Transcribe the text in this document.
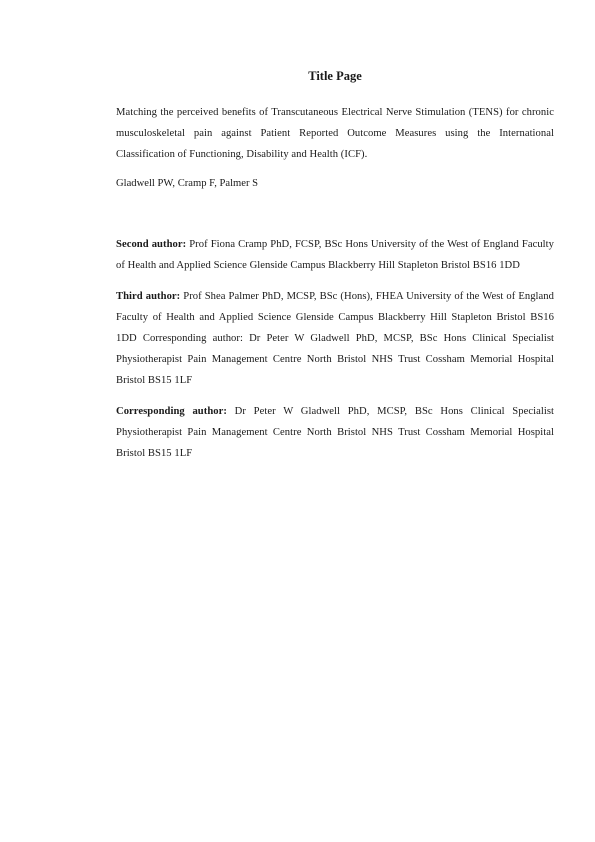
Title Page

Matching the perceived benefits of Transcutaneous Electrical Nerve Stimulation (TENS) for chronic musculoskeletal pain against Patient Reported Outcome Measures using the International Classification of Functioning, Disability and Health (ICF).

Gladwell PW, Cramp F, Palmer S

Second author: Prof Fiona Cramp PhD, FCSP, BSc Hons University of the West of England Faculty of Health and Applied Science Glenside Campus Blackberry Hill Stapleton Bristol BS16 1DD

Third author: Prof Shea Palmer PhD, MCSP, BSc (Hons), FHEA University of the West of England Faculty of Health and Applied Science Glenside Campus Blackberry Hill Stapleton Bristol BS16 1DD Corresponding author: Dr Peter W Gladwell PhD, MCSP, BSc Hons Clinical Specialist Physiotherapist Pain Management Centre North Bristol NHS Trust Cossham Memorial Hospital Bristol BS15 1LF

Corresponding author: Dr Peter W Gladwell PhD, MCSP, BSc Hons Clinical Specialist Physiotherapist Pain Management Centre North Bristol NHS Trust Cossham Memorial Hospital Bristol BS15 1LF
